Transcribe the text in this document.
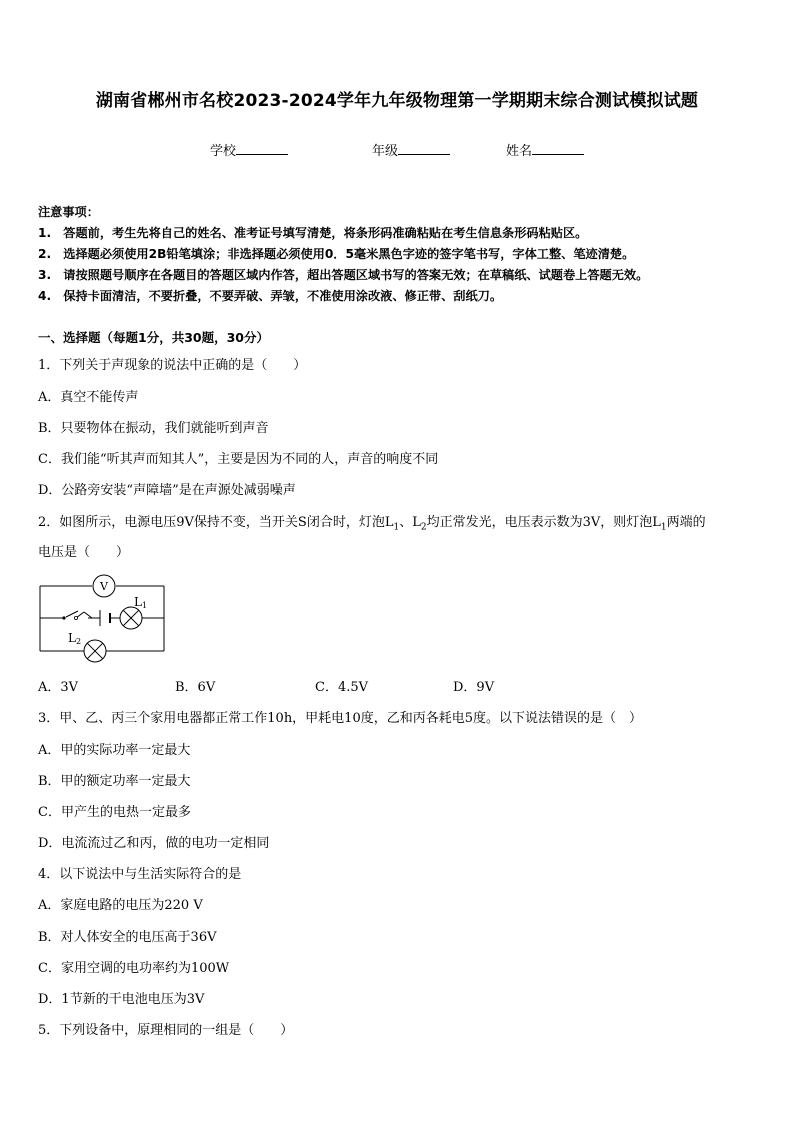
湖南省郴州市名校2023-2024学年九年级物理第一学期期末综合测试模拟试题
学校	年级	姓名
注意事项：
1.　答题前，考生先将自己的姓名、准考证号填写清楚，将条形码准确粘贴在考生信息条形码粘贴区。
2.　选择题必须使用2B铅笔填涂；非选择题必须使用0．5毫米黑色字迹的签字笔书写，字体工整、笔迹清楚。
3.　请按照题号顺序在各题目的答题区域内作答，超出答题区域书写的答案无效；在草稿纸、试题卷上答题无效。
4.　保持卡面清洁，不要折叠，不要弄破、弄皱，不准使用涂改液、修正带、刮纸刀。
一、选择题（每题1分，共30题，30分）
1．下列关于声现象的说法中正确的是（　　）
A．真空不能传声
B．只要物体在振动，我们就能听到声音
C．我们能“听其声而知其人”，主要是因为不同的人，声音的响度不同
D．公路旁安装“声障墙”是在声源处减弱噪声
2．如图所示，电源电压9V保持不变，当开关S闭合时，灯泡$L_1$、$L_2$均正常发光，电压表示数为3V，则灯泡$L_1$两端的
电压是（　　）
V
L1
L2
A．3V	B．6V	C．4.5V	D．9V
3．甲、乙、丙三个家用电器都正常工作10h，甲耗电10度，乙和丙各耗电5度。以下说法错误的是（　）
A．甲的实际功率一定最大
B．甲的额定功率一定最大
C．甲产生的电热一定最多
D．电流流过乙和丙，做的电功一定相同
4．以下说法中与生活实际符合的是
A．家庭电路的电压为220 V
B．对人体安全的电压高于36V
C．家用空调的电功率约为100W
D．1节新的干电池电压为3V
5．下列设备中，原理相同的一组是（　　）
